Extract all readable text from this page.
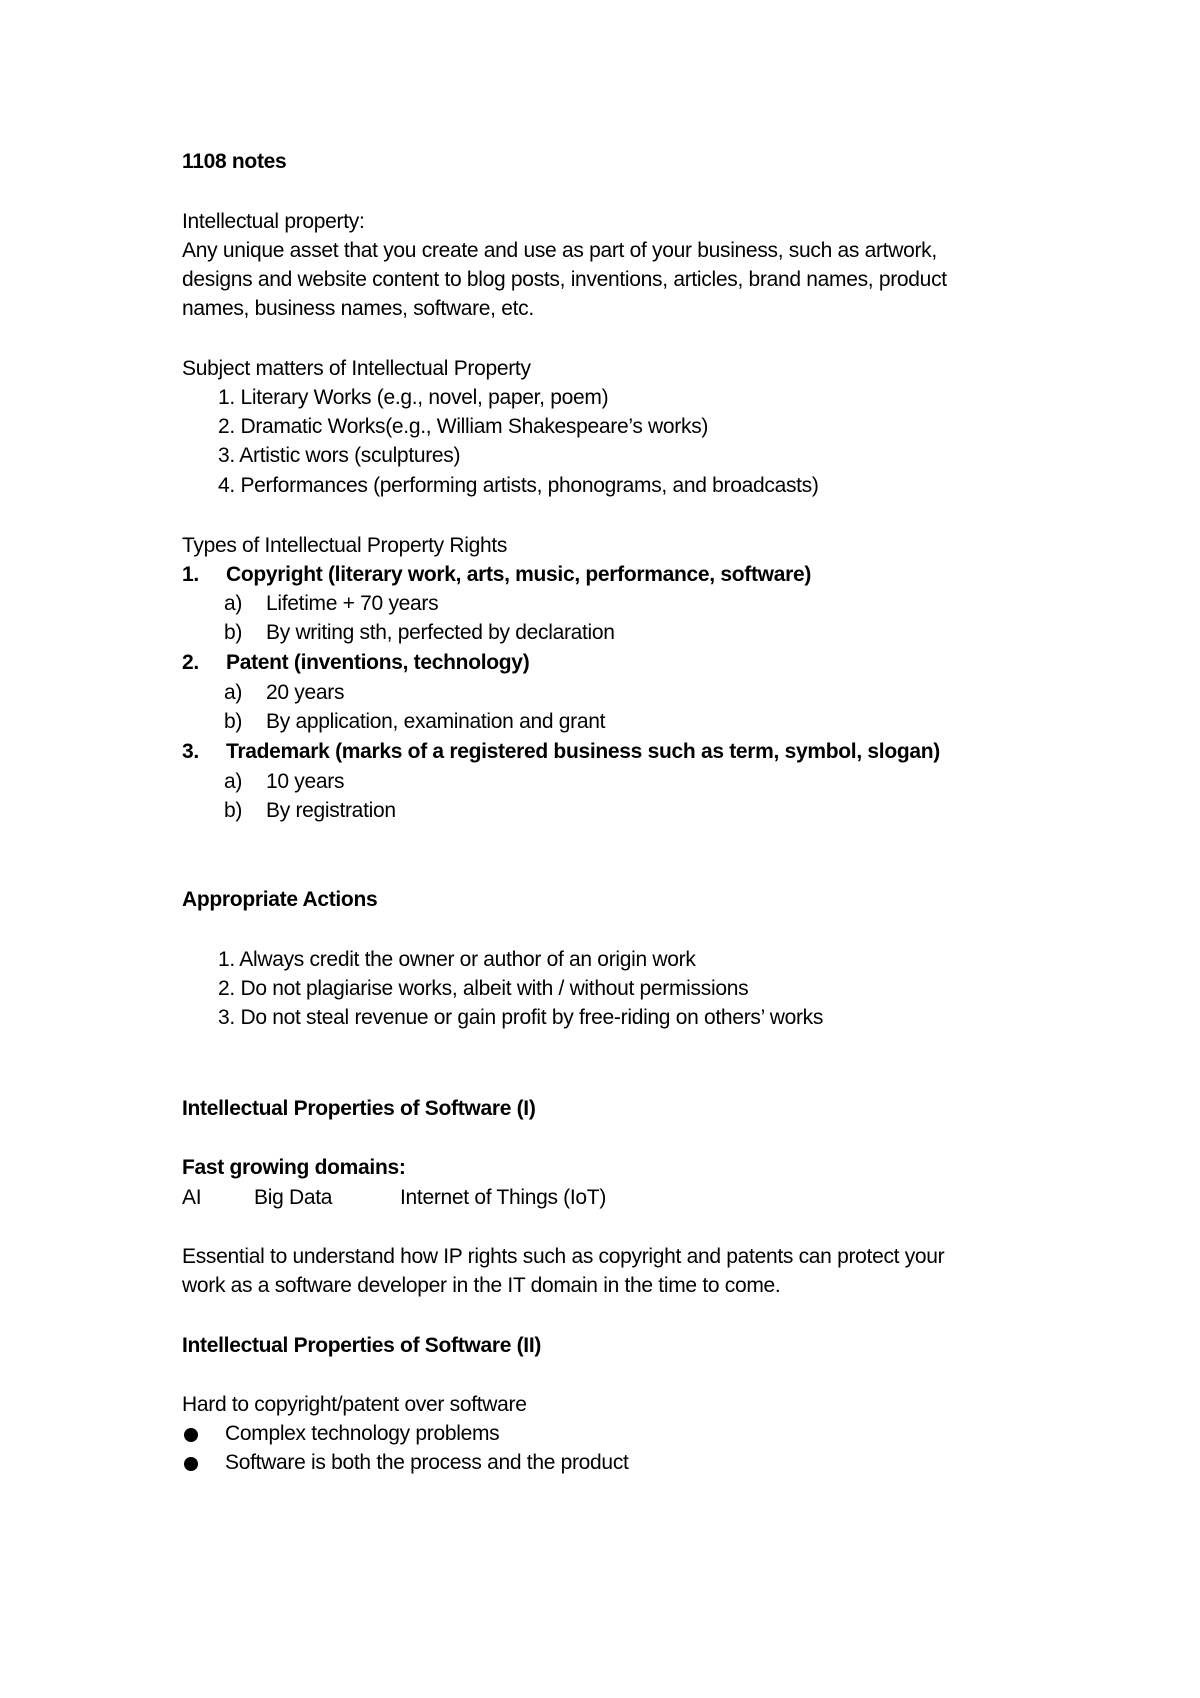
1108 notes
Intellectual property:
Any unique asset that you create and use as part of your business, such as artwork,
designs and website content to blog posts, inventions, articles, brand names, product
names, business names, software, etc.
Subject matters of Intellectual Property
1. Literary Works (e.g., novel, paper, poem)
2. Dramatic Works(e.g., William Shakespeare’s works)
3. Artistic wors (sculptures)
4. Performances (performing artists, phonograms, and broadcasts)
Types of Intellectual Property Rights
1. Copyright (literary work, arts, music, performance, software)
a) Lifetime + 70 years
b) By writing sth, perfected by declaration
2. Patent (inventions, technology)
a) 20 years
b) By application, examination and grant
3. Trademark (marks of a registered business such as term, symbol, slogan)
a) 10 years
b) By registration
Appropriate Actions
1. Always credit the owner or author of an origin work
2. Do not plagiarise works, albeit with / without permissions
3. Do not steal revenue or gain profit by free-riding on others’ works
Intellectual Properties of Software (I)
Fast growing domains:
AI	Big Data	Internet of Things (IoT)
Essential to understand how IP rights such as copyright and patents can protect your
work as a software developer in the IT domain in the time to come.
Intellectual Properties of Software (II)
Hard to copyright/patent over software
Complex technology problems
Software is both the process and the product
